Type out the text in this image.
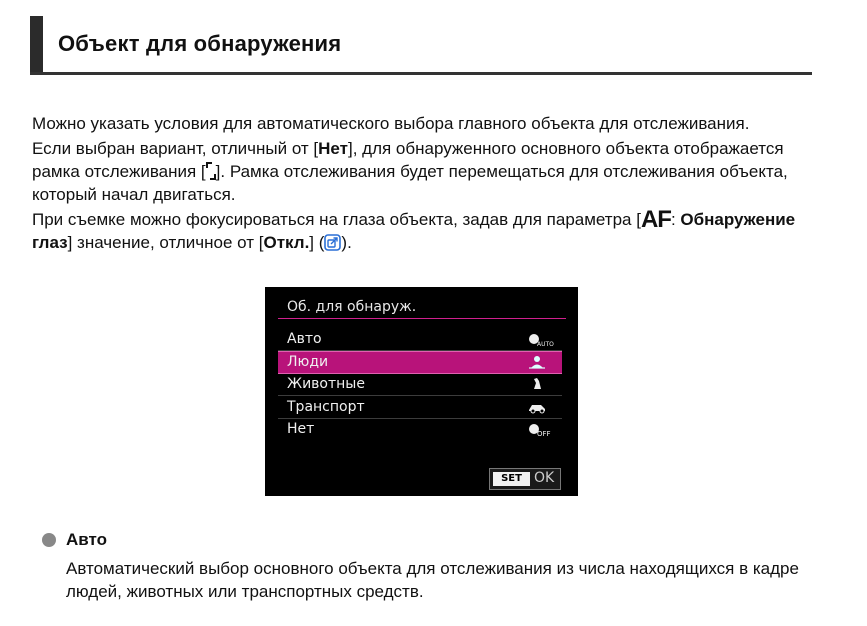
Объект для обнаружения

Можно указать условия для автоматического выбора главного объекта для отслеживания.

Если выбран вариант, отличный от [Нет], для обнаруженного основного объекта отображается рамка отслеживания [ ]. Рамка отслеживания будет перемещаться для отслеживания объекта, который начал двигаться.

При съемке можно фокусироваться на глаза объекта, задав для параметра [AF: Обнаружение глаз] значение, отличное от [Откл.] ( ).

Об. для обнаруж.
Авто	AUTO
Люди
Животные
Транспорт
Нет	OFF
SET OK
Авто
Автоматический выбор основного объекта для отслеживания из числа находящихся в кадре людей, животных или транспортных средств.
